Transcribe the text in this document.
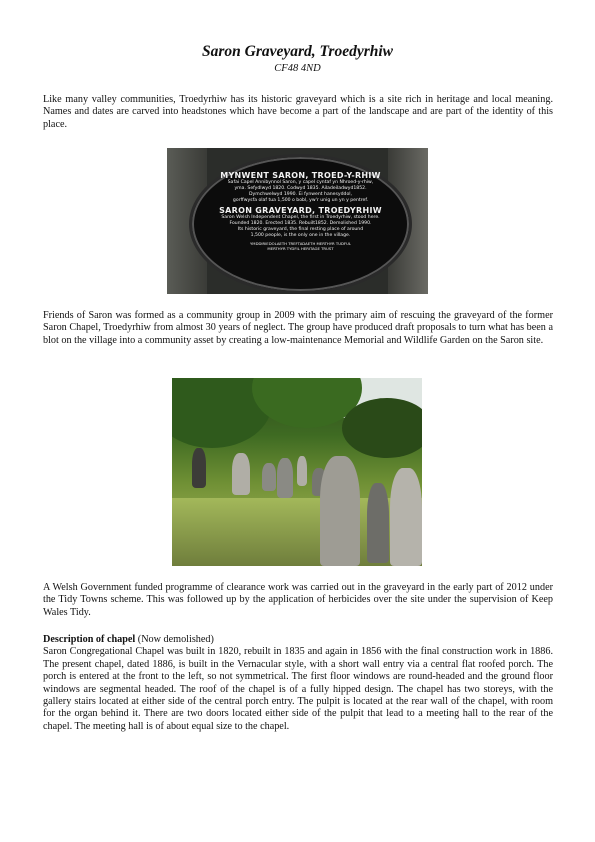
Saron Graveyard, Troedyrhiw
CF48 4ND
Like many valley communities, Troedyrhiw has its historic graveyard which is a site rich in heritage and local meaning. Names and dates are carved into headstones which have become a part of the landscape and are part of the identity of this place.
MYNWENT SARON, TROED-Y-RHIW
Safai Capel Annibynnol Saron, y capel cyntaf yn Nhroed-y-rhiw,
yma. Sefydlwyd 1820. Codwyd 1835. Ailadeiladwyd1852.
Dymchwelwyd 1990. Ei fynwent hanesyddol,
gorffwysfa olaf tua 1,500 o bobl, yw'r unig un yn y pentref.
SARON GRAVEYARD, TROEDYRHIW
Saron Welsh Independent Chapel, the first in Troedyrhiw, stood here.
Founded 1820. Erected 1835. Rebuilt1852. Demolished 1990.
Its historic graveyard, the final resting place of around
1,500 people, is the only one in the village.
YMDDIRIEDOLAETH TREFTADAETH MERTHYR TUDFUL
MERTHYR TYDFIL HERITAGE TRUST
Friends of Saron was formed as a community group in 2009 with the primary aim of rescuing the graveyard of the former Saron Chapel, Troedyrhiw from almost 30 years of neglect. The group have produced draft proposals to turn what has been a blot on the village into a community asset by creating a low-maintenance Memorial and Wildlife Garden on the Saron site.
A Welsh Government funded programme of clearance work was carried out in the graveyard in the early part of 2012 under the Tidy Towns scheme. This was followed up by the application of herbicides over the site under the supervision of Keep Wales Tidy.
Description of chapel (Now demolished)
Saron Congregational Chapel was built in 1820, rebuilt in 1835 and again in 1856 with the final construction work in 1886. The present chapel, dated 1886, is built in the Vernacular style, with a short wall entry via a central flat roofed porch. The porch is entered at the front to the left, so not symmetrical. The first floor windows are round-headed and the ground floor windows are segmental headed. The roof of the chapel is of a fully hipped design. The chapel has two storeys, with the gallery stairs located at either side of the central porch entry. The pulpit is located at the rear wall of the chapel, with room for the organ behind it. There are two doors located either side of the pulpit that lead to a meeting hall to the rear of the chapel. The meeting hall is of about equal size to the chapel.
